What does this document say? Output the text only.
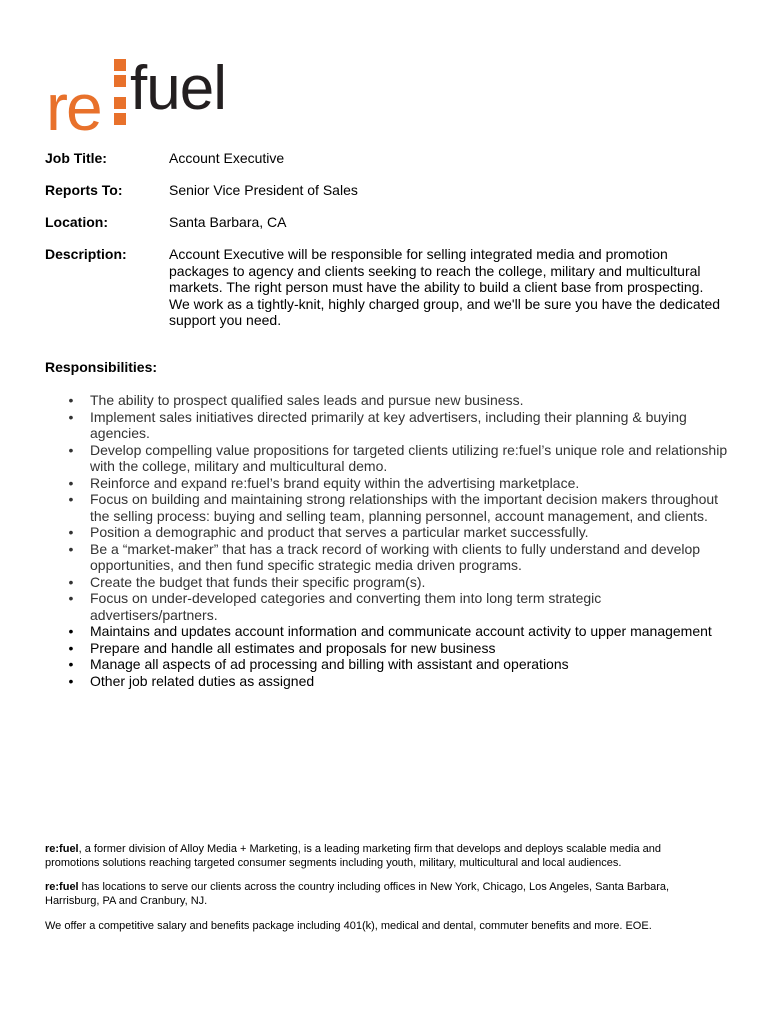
re fuel
Job Title:	Account Executive
Reports To:	Senior Vice President of Sales
Location:	Santa Barbara, CA
Description:	Account Executive will be responsible for selling integrated media and promotion
packages to agency and clients seeking to reach the college, military and multicultural
markets. The right person must have the ability to build a client base from prospecting.
We work as a tightly-knit, highly charged group, and we'll be sure you have the dedicated
support you need.
Responsibilities:
• The ability to prospect qualified sales leads and pursue new business.
• Implement sales initiatives directed primarily at key advertisers, including their planning & buying
agencies.
• Develop compelling value propositions for targeted clients utilizing re:fuel’s unique role and relationship
with the college, military and multicultural demo.
• Reinforce and expand re:fuel’s brand equity within the advertising marketplace.
• Focus on building and maintaining strong relationships with the important decision makers throughout
the selling process: buying and selling team, planning personnel, account management, and clients.
• Position a demographic and product that serves a particular market successfully.
• Be a “market-maker” that has a track record of working with clients to fully understand and develop
opportunities, and then fund specific strategic media driven programs.
• Create the budget that funds their specific program(s).
• Focus on under-developed categories and converting them into long term strategic
advertisers/partners.
• Maintains and updates account information and communicate account activity to upper management
• Prepare and handle all estimates and proposals for new business
• Manage all aspects of ad processing and billing with assistant and operations
• Other job related duties as assigned
re:fuel, a former division of Alloy Media + Marketing, is a leading marketing firm that develops and deploys scalable media and
promotions solutions reaching targeted consumer segments including youth, military, multicultural and local audiences.
re:fuel has locations to serve our clients across the country including offices in New York, Chicago, Los Angeles, Santa Barbara,
Harrisburg, PA and Cranbury, NJ.
We offer a competitive salary and benefits package including 401(k), medical and dental, commuter benefits and more. EOE.
